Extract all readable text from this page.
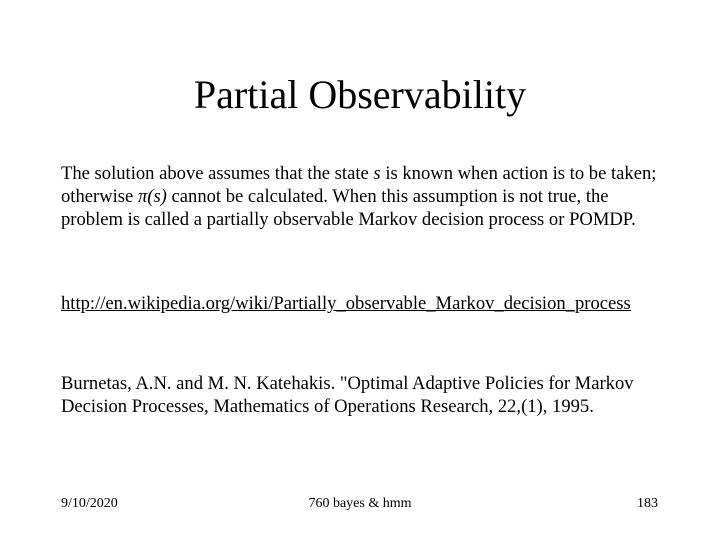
Partial Observability
The solution above assumes that the state s is known when action is to be taken; otherwise π(s) cannot be calculated. When this assumption is not true, the problem is called a partially observable Markov decision process or POMDP.
http://en.wikipedia.org/wiki/Partially_observable_Markov_decision_process
Burnetas, A.N. and M. N. Katehakis. "Optimal Adaptive Policies for Markov Decision Processes, Mathematics of Operations Research, 22,(1), 1995.
9/10/2020	760 bayes & hmm	183
